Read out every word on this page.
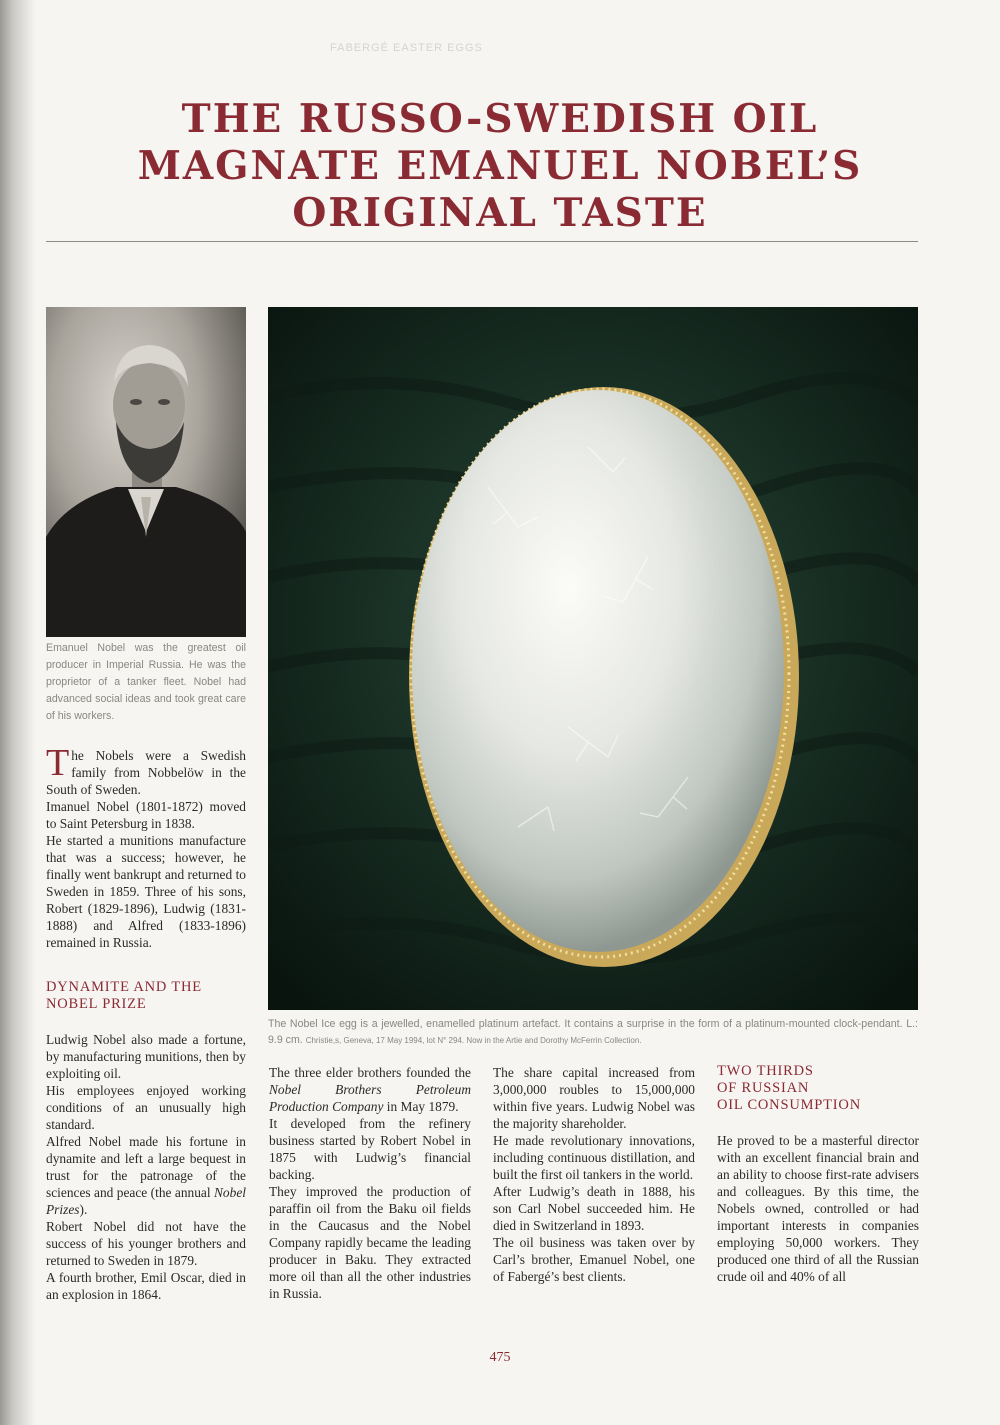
FABERGÉ EASTER EGGS
THE RUSSO-SWEDISH OIL
MAGNATE EMANUEL NOBEL’S
ORIGINAL TASTE

Emanuel Nobel was the greatest oil producer in Imperial Russia. He was the proprietor of a tanker fleet. Nobel had advanced social ideas and took great care of his workers.

The Nobel Ice egg is a jewelled, enamelled platinum artefact. It contains a surprise in the form of a platinum-mounted clock-pendant. L.: 9.9 cm. Christie,s, Geneva, 17 May 1994, lot N° 294. Now in the Artie and Dorothy McFerrin Collection.

The Nobels were a Swedish family from Nobbelöw in the South of Sweden.

Imanuel Nobel (1801-1872) moved to Saint Petersburg in 1838.

He started a munitions manufacture that was a success; however, he finally went bankrupt and returned to Sweden in 1859. Three of his sons, Robert (1829-1896), Ludwig (1831-1888) and Alfred (1833-1896) remained in Russia.

DYNAMITE AND THE
NOBEL PRIZE

Ludwig Nobel also made a fortune, by manufacturing munitions, then by exploiting oil.

His employees enjoyed working conditions of an unusually high standard.

Alfred Nobel made his fortune in dynamite and left a large bequest in trust for the patronage of the sciences and peace (the annual Nobel Prizes).

Robert Nobel did not have the success of his younger brothers and returned to Sweden in 1879.

A fourth brother, Emil Oscar, died in an explosion in 1864.

The three elder brothers founded the Nobel Brothers Petroleum Production Company in May 1879.

It developed from the refinery business started by Robert Nobel in 1875 with Ludwig’s financial backing.

They improved the production of paraffin oil from the Baku oil fields in the Caucasus and the Nobel Company rapidly became the leading producer in Baku. They extracted more oil than all the other industries in Russia.

The share capital increased from 3,000,000 roubles to 15,000,000 within five years. Ludwig Nobel was the majority shareholder.

He made revolutionary innovations, including continuous distillation, and built the first oil tankers in the world.

After Ludwig’s death in 1888, his son Carl Nobel succeeded him. He died in Switzerland in 1893.

The oil business was taken over by Carl’s brother, Emanuel Nobel, one of Fabergé’s best clients.

TWO THIRDS
OF RUSSIAN
OIL CONSUMPTION

He proved to be a masterful director with an excellent financial brain and an ability to choose first-rate advisers and colleagues. By this time, the Nobels owned, controlled or had important interests in companies employing 50,000 workers. They produced one third of all the Russian crude oil and 40% of all

475
